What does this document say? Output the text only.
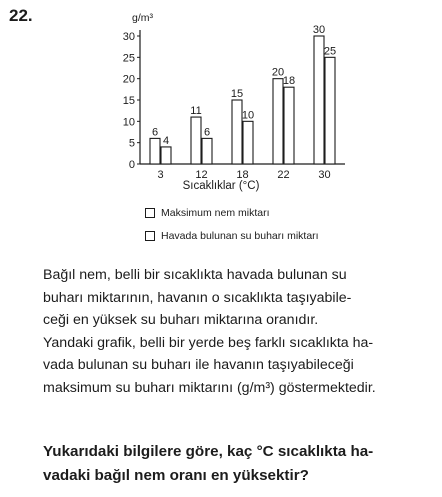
22.
0
5
10
15
20
25
30
3	12	18	22	30
6
4
11
6
15
10
20
18
30
25
g/m³
Sıcaklıklar (°C)
Maksimum nem miktarı
Havada bulunan su buharı miktarı
Bağıl nem, belli bir sıcaklıkta havada bulunan su
buharı miktarının, havanın o sıcaklıkta taşıyabile-
ceği en yüksek su buharı miktarına oranıdır.
Yandaki grafik, belli bir yerde beş farklı sıcaklıkta ha-
vada bulunan su buharı ile havanın taşıyabileceği
maksimum su buharı miktarını (g/m³) göstermektedir.
Yukarıdaki bilgilere göre, kaç °C sıcaklıkta ha-
vadaki bağıl nem oranı en yüksektir?
